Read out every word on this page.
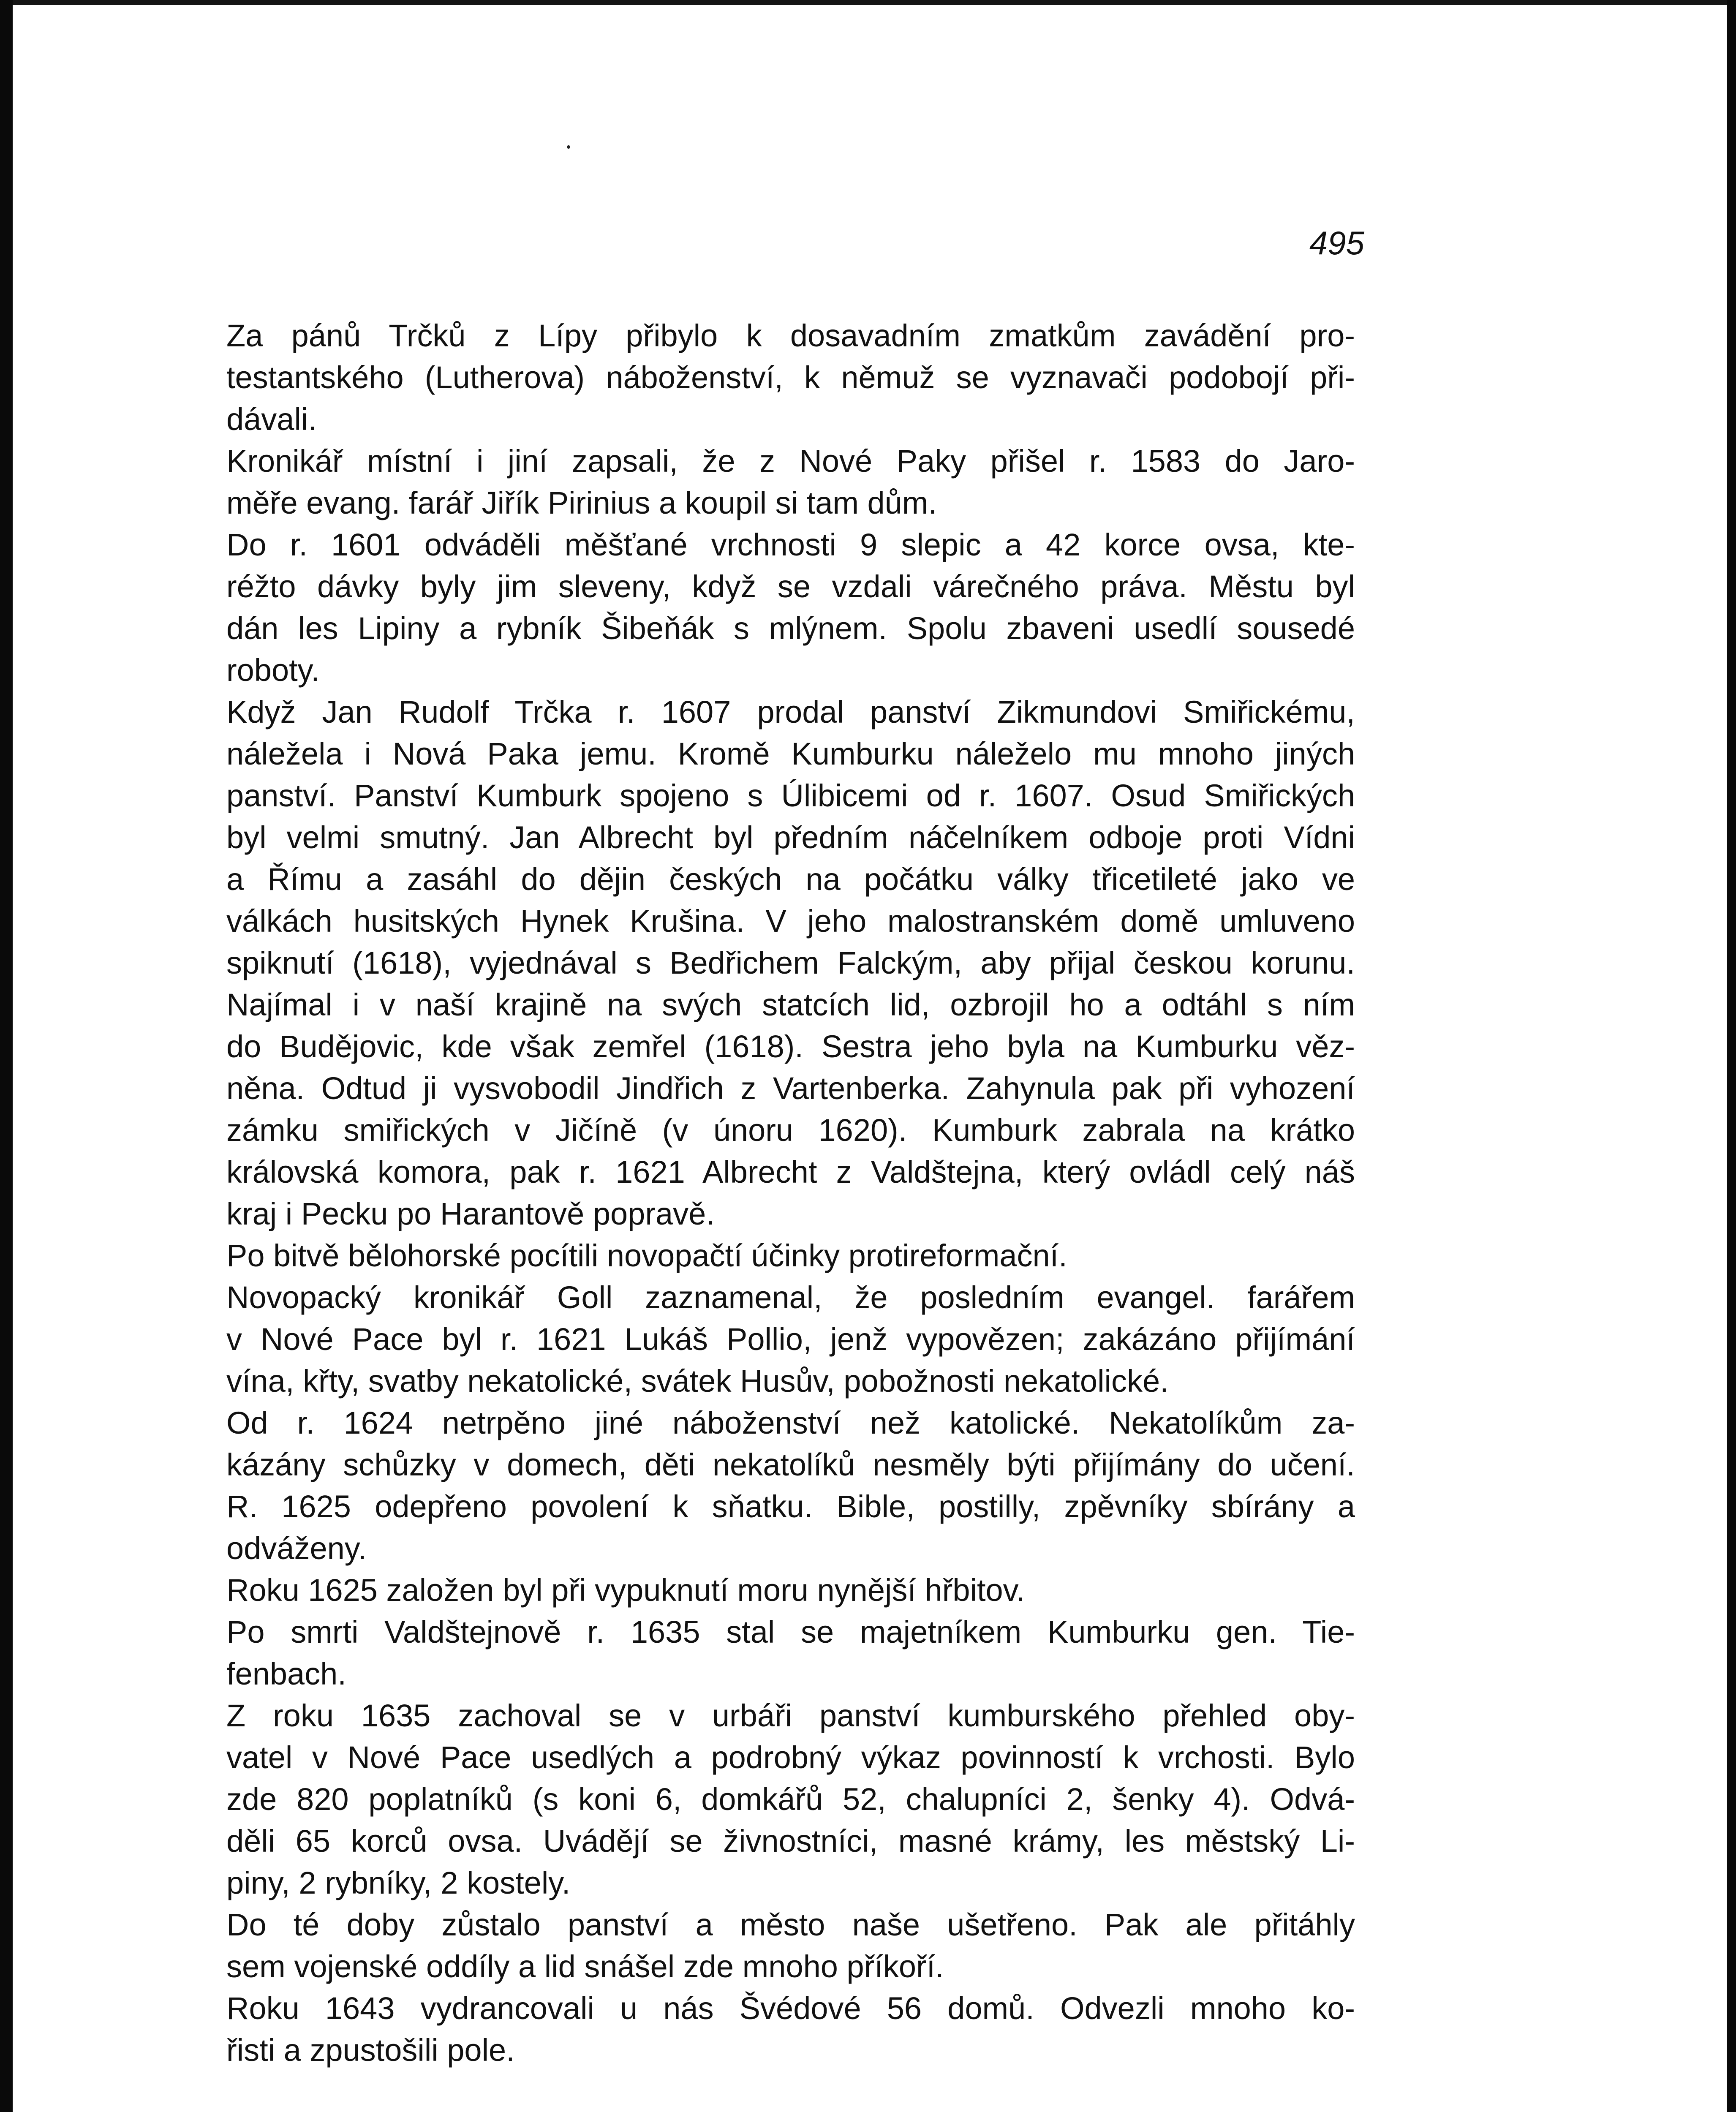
495
Za pánů Trčků z Lípy přibylo k dosavadním zmatkům zavádění pro-
testantského (Lutherova) náboženství, k němuž se vyznavači podobojí při-
dávali.
Kronikář místní i jiní zapsali, že z Nové Paky přišel r. 1583 do Jaro-
měře evang. farář Jiřík Pirinius a koupil si tam dům.
Do r. 1601 odváděli měšťané vrchnosti 9 slepic a 42 korce ovsa, kte-
réžto dávky byly jim sleveny, když se vzdali várečného práva. Městu byl
dán les Lipiny a rybník Šibeňák s mlýnem. Spolu zbaveni usedlí sousedé
roboty.
Když Jan Rudolf Trčka r. 1607 prodal panství Zikmundovi Smiřickému,
náležela i Nová Paka jemu. Kromě Kumburku náleželo mu mnoho jiných
panství. Panství Kumburk spojeno s Úlibicemi od r. 1607. Osud Smiřických
byl velmi smutný. Jan Albrecht byl předním náčelníkem odboje proti Vídni
a Římu a zasáhl do dějin českých na počátku války třicetileté jako ve
válkách husitských Hynek Krušina. V jeho malostranském domě umluveno
spiknutí (1618), vyjednával s Bedřichem Falckým, aby přijal českou korunu.
Najímal i v naší krajině na svých statcích lid, ozbrojil ho a odtáhl s ním
do Budějovic, kde však zemřel (1618). Sestra jeho byla na Kumburku věz-
něna. Odtud ji vysvobodil Jindřich z Vartenberka. Zahynula pak při vyhození
zámku smiřických v Jičíně (v únoru 1620). Kumburk zabrala na krátko
královská komora, pak r. 1621 Albrecht z Valdštejna, který ovládl celý náš
kraj i Pecku po Harantově popravě.
Po bitvě bělohorské pocítili novopačtí účinky protireformační.
Novopacký kronikář Goll zaznamenal, že posledním evangel. farářem
v Nové Pace byl r. 1621 Lukáš Pollio, jenž vypovězen; zakázáno přijímání
vína, křty, svatby nekatolické, svátek Husův, pobožnosti nekatolické.
Od r. 1624 netrpěno jiné náboženství než katolické. Nekatolíkům za-
kázány schůzky v domech, děti nekatolíků nesměly býti přijímány do učení.
R. 1625 odepřeno povolení k sňatku. Bible, postilly, zpěvníky sbírány a
odváženy.
Roku 1625 založen byl při vypuknutí moru nynější hřbitov.
Po smrti Valdštejnově r. 1635 stal se majetníkem Kumburku gen. Tie-
fenbach.
Z roku 1635 zachoval se v urbáři panství kumburského přehled oby-
vatel v Nové Pace usedlých a podrobný výkaz povinností k vrchosti. Bylo
zde 820 poplatníků (s koni 6, domkářů 52, chalupníci 2, šenky 4). Odvá-
děli 65 korců ovsa. Uvádějí se živnostníci, masné krámy, les městský Li-
piny, 2 rybníky, 2 kostely.
Do té doby zůstalo panství a město naše ušetřeno. Pak ale přitáhly
sem vojenské oddíly a lid snášel zde mnoho příkoří.
Roku 1643 vydrancovali u nás Švédové 56 domů. Odvezli mnoho ko-
řisti a zpustošili pole.
